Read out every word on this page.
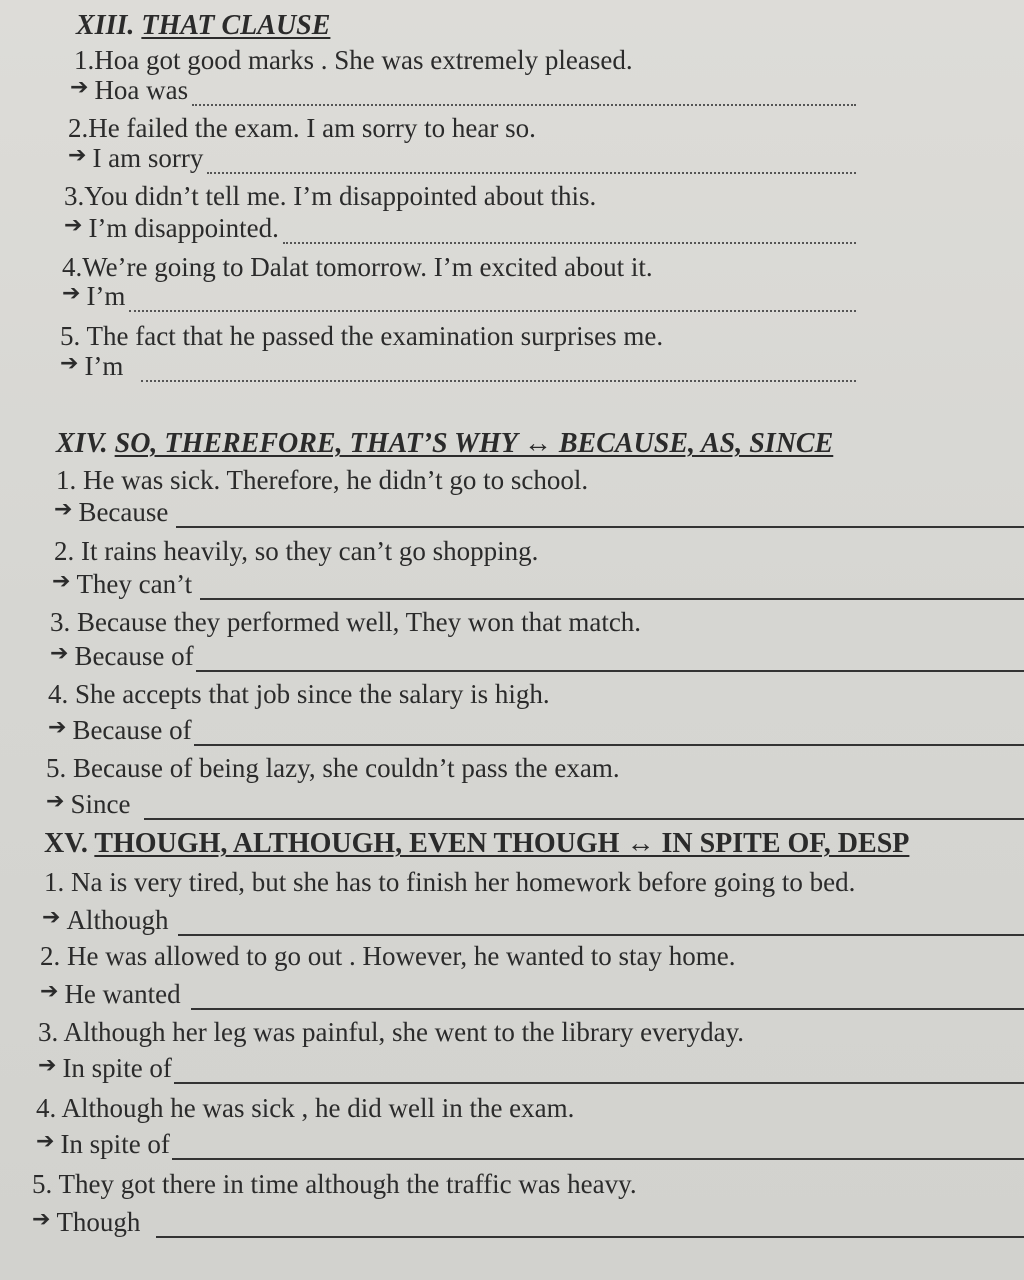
XIII. THAT CLAUSE
1.Hoa got good marks . She was extremely pleased.
➔ Hoa was
2.He failed the exam. I am sorry to hear so.
➔ I am sorry
3.You didn’t tell me. I’m disappointed about this.
➔ I’m disappointed.
4.We’re going to Dalat tomorrow. I’m excited about it.
➔ I’m
5. The fact that he passed the examination surprises me.
➔ I’m
XIV. SO, THEREFORE, THAT’S WHY ↔ BECAUSE, AS, SINCE
1. He was sick. Therefore, he didn’t go to school.
➔ Because
2. It rains heavily, so they can’t go shopping.
➔ They can’t
3. Because they performed well, They won that match.
➔ Because of
4. She accepts that job since the salary is high.
➔ Because of
5. Because of being lazy, she couldn’t pass the exam.
➔ Since
XV. THOUGH, ALTHOUGH, EVEN THOUGH ↔ IN SPITE OF, DESP
1. Na is very tired, but she has to finish her homework before going to bed.
➔ Although
2. He was allowed to go out . However, he wanted to stay home.
➔ He wanted
3. Although her leg was painful, she went to the library everyday.
➔ In spite of
4. Although he was sick , he did well in the exam.
➔ In spite of
5. They got there in time although the traffic was heavy.
➔ Though
